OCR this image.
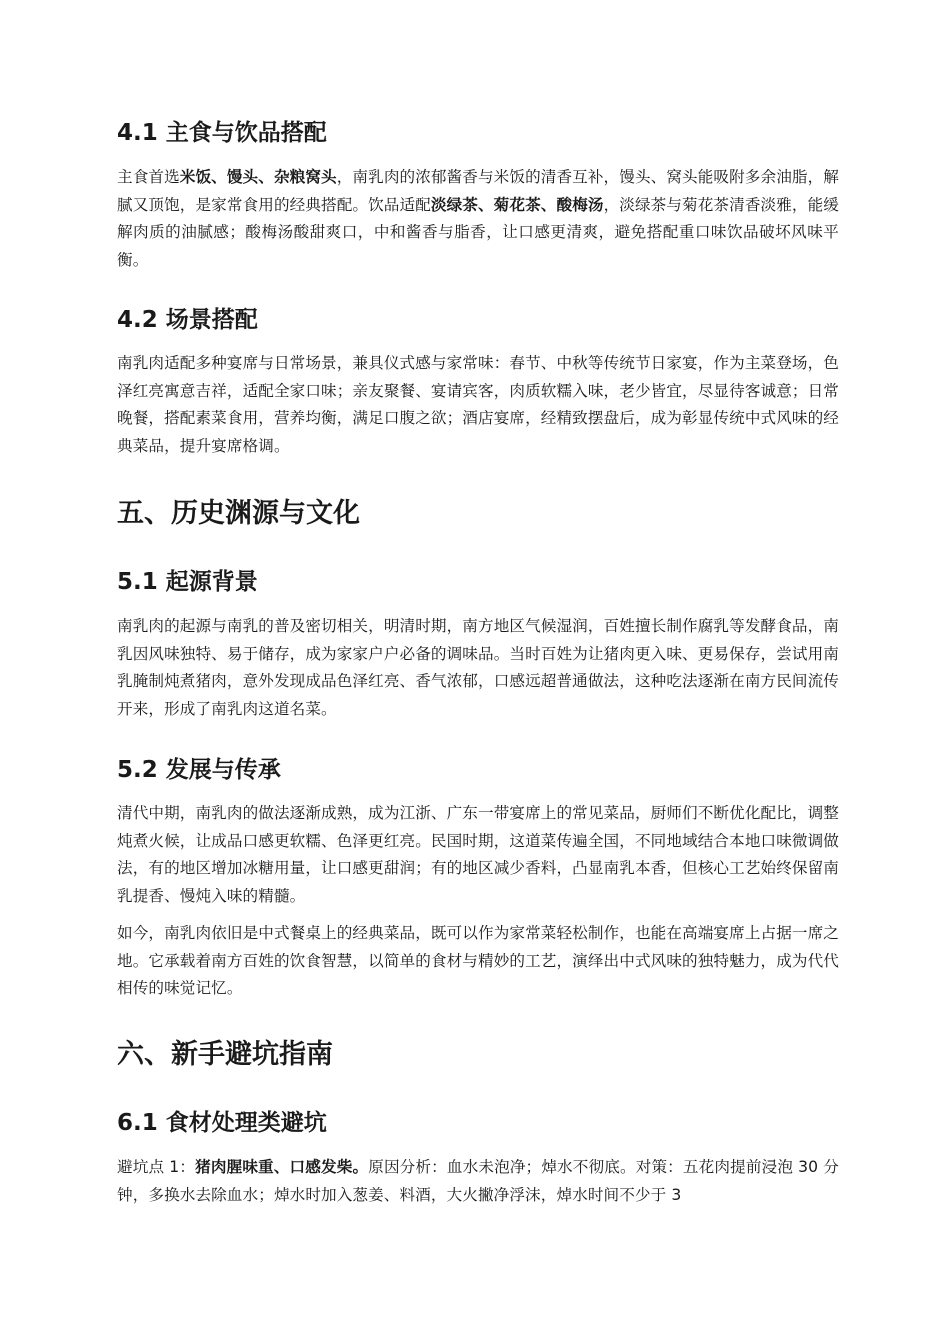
4.1 主食与饮品搭配

主食首选米饭、馒头、杂粮窝头，南乳肉的浓郁酱香与米饭的清香互补，馒头、窝头能吸附多余油脂，解腻又顶饱，是家常食用的经典搭配。饮品适配淡绿茶、菊花茶、酸梅汤，淡绿茶与菊花茶清香淡雅，能缓解肉质的油腻感；酸梅汤酸甜爽口，中和酱香与脂香，让口感更清爽，避免搭配重口味饮品破坏风味平衡。

4.2 场景搭配

南乳肉适配多种宴席与日常场景，兼具仪式感与家常味：春节、中秋等传统节日家宴，作为主菜登场，色泽红亮寓意吉祥，适配全家口味；亲友聚餐、宴请宾客，肉质软糯入味，老少皆宜，尽显待客诚意；日常晚餐，搭配素菜食用，营养均衡，满足口腹之欲；酒店宴席，经精致摆盘后，成为彰显传统中式风味的经典菜品，提升宴席格调。

五、历史渊源与文化
5.1 起源背景

南乳肉的起源与南乳的普及密切相关，明清时期，南方地区气候湿润，百姓擅长制作腐乳等发酵食品，南乳因风味独特、易于储存，成为家家户户必备的调味品。当时百姓为让猪肉更入味、更易保存，尝试用南乳腌制炖煮猪肉，意外发现成品色泽红亮、香气浓郁，口感远超普通做法，这种吃法逐渐在南方民间流传开来，形成了南乳肉这道名菜。

5.2 发展与传承

清代中期，南乳肉的做法逐渐成熟，成为江浙、广东一带宴席上的常见菜品，厨师们不断优化配比，调整炖煮火候，让成品口感更软糯、色泽更红亮。民国时期，这道菜传遍全国，不同地域结合本地口味微调做法，有的地区增加冰糖用量，让口感更甜润；有的地区减少香料，凸显南乳本香，但核心工艺始终保留南乳提香、慢炖入味的精髓。

如今，南乳肉依旧是中式餐桌上的经典菜品，既可以作为家常菜轻松制作，也能在高端宴席上占据一席之地。它承载着南方百姓的饮食智慧，以简单的食材与精妙的工艺，演绎出中式风味的独特魅力，成为代代相传的味觉记忆。

六、新手避坑指南
6.1 食材处理类避坑

避坑点 1：猪肉腥味重、口感发柴。原因分析：血水未泡净；焯水不彻底。对策：五花肉提前浸泡 30 分钟，多换水去除血水；焯水时加入葱姜、料酒，大火撇净浮沫，焯水时间不少于 3
